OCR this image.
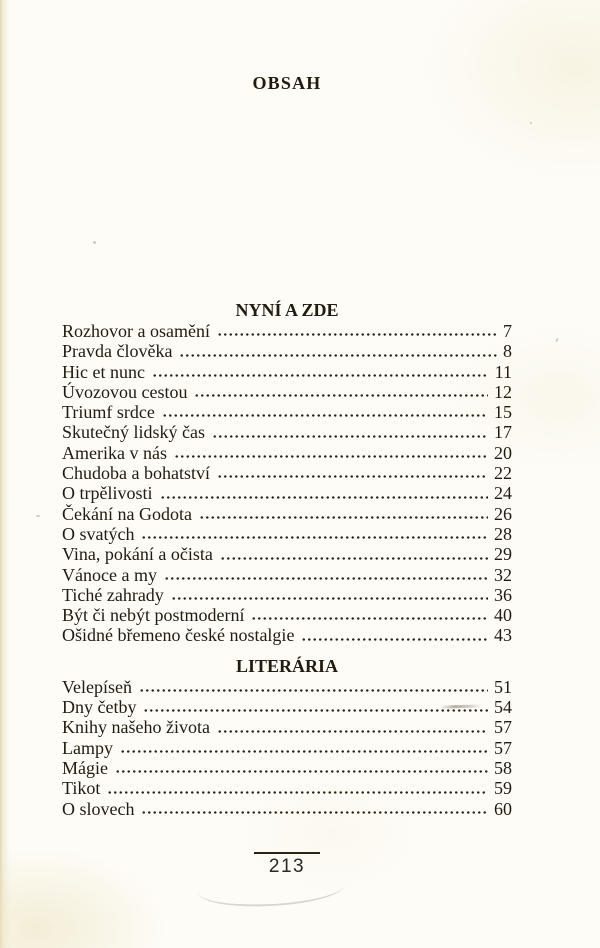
OBSAH
NYNÍ A ZDE
Rozhovor a osamění	7
Pravda člověka	8
Hic et nunc	11
Úvozovou cestou	12
Triumf srdce	15
Skutečný lidský čas	17
Amerika v nás	20
Chudoba a bohatství	22
O trpělivosti	24
Čekání na Godota	26
O svatých	28
Vina, pokání a očista	29
Vánoce a my	32
Tiché zahrady	36
Být či nebýt postmoderní	40
Ošidné břemeno české nostalgie	43
LITERÁRIA
Velepíseň	51
Dny četby	54
Knihy našeho života	57
Lampy	57
Mágie	58
Tikot	59
O slovech	60
213
